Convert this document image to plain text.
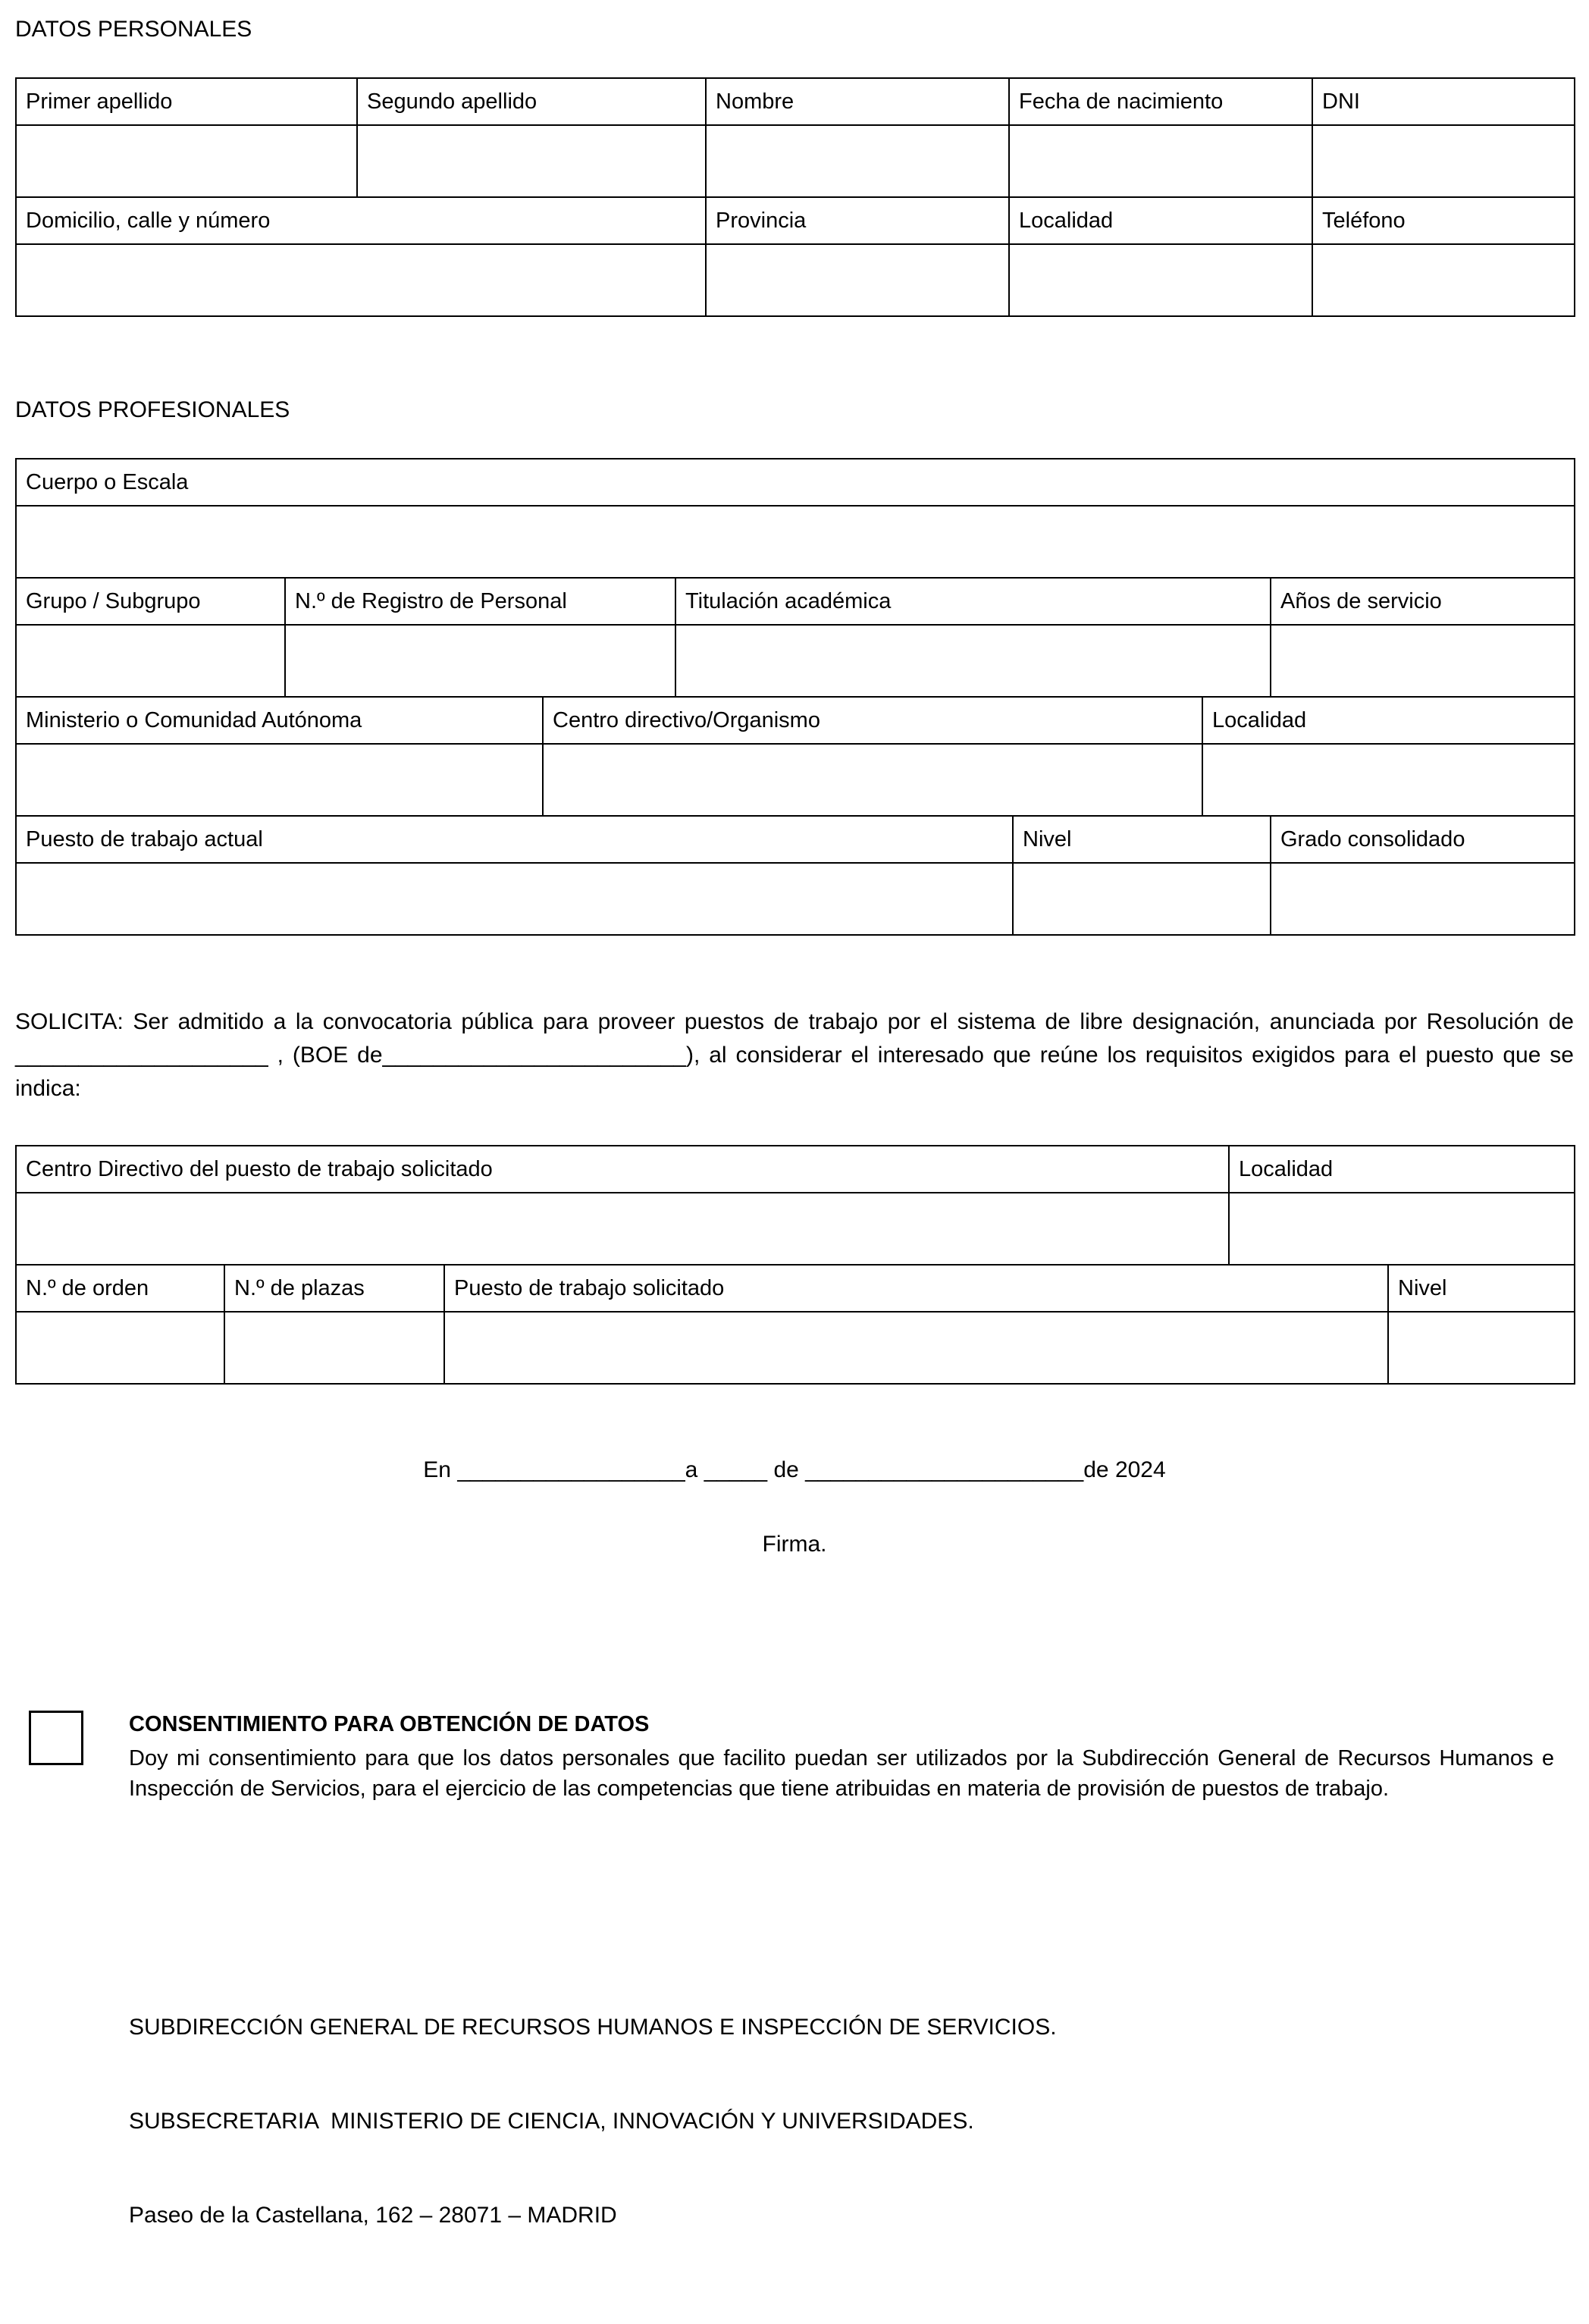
DATOS PERSONALES
Primer apellido	Segundo apellido	Nombre	Fecha de nacimiento	DNI

Domicilio, calle y número		Provincia	Localidad	Teléfono

DATOS PROFESIONALES
Cuerpo o Escala						

Grupo / Subgrupo	N.º de Registro de Personal		Titulación académica			Años de servicio

Ministerio o Comunidad Autónoma		Centro directivo/Organismo			Localidad	

Puesto de trabajo actual				Nivel		Grado consolidado

SOLICITA: Ser admitido a la convocatoria pública para proveer puestos de trabajo por el sistema de libre designación, anunciada por Resolución de ____________________ , (BOE de________________________), al considerar el interesado que reúne los requisitos exigidos para el puesto que se indica:

Centro Directivo del puesto de trabajo solicitado			Localidad	

N.º de orden	N.º de plazas	Puesto de trabajo solicitado		Nivel

En __________________a _____ de ______________________de 2024
Firma.

CONSENTIMIENTO PARA OBTENCIÓN DE DATOS

Doy mi consentimiento para que los datos personales que facilito puedan ser utilizados por la Subdirección General de Recursos Humanos e Inspección de Servicios, para el ejercicio de las competencias que tiene atribuidas en materia de provisión de puestos de trabajo.

SUBDIRECCIÓN GENERAL DE RECURSOS HUMANOS E INSPECCIÓN DE SERVICIOS.

SUBSECRETARIA  MINISTERIO DE CIENCIA, INNOVACIÓN Y UNIVERSIDADES.

Paseo de la Castellana, 162 – 28071 – MADRID
